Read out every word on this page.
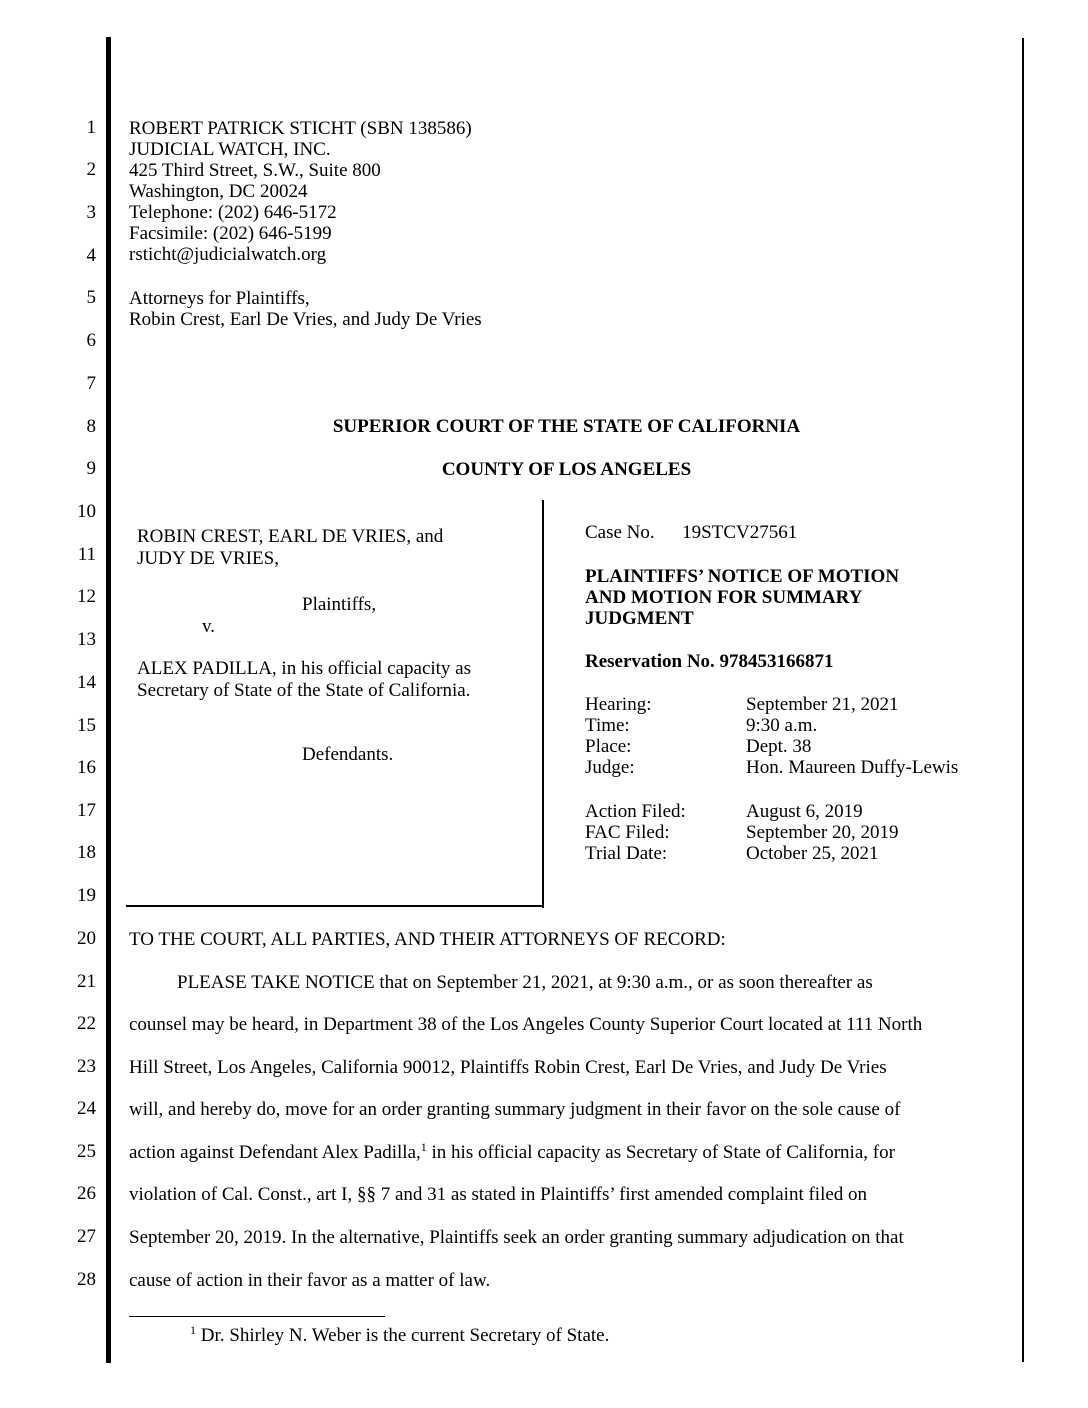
1
2
3
4
5
6
7
8
9
10
11
12
13
14
15
16
17
18
19
20
21
22
23
24
25
26
27
28
ROBERT PATRICK STICHT (SBN 138586)
JUDICIAL WATCH, INC.
425 Third Street, S.W., Suite 800
Washington, DC 20024
Telephone: (202) 646-5172
Facsimile: (202) 646-5199
rsticht@judicialwatch.org
Attorneys for Plaintiffs,
Robin Crest, Earl De Vries, and Judy De Vries
SUPERIOR COURT OF THE STATE OF CALIFORNIA
COUNTY OF LOS ANGELES
ROBIN CREST, EARL DE VRIES, and
JUDY DE VRIES,
Plaintiffs,
v.
ALEX PADILLA, in his official capacity as
Secretary of State of the State of California.
Defendants.
Case No. 19STCV27561
PLAINTIFFS’ NOTICE OF MOTION
AND MOTION FOR SUMMARY
JUDGMENT
Reservation No. 978453166871
Hearing:	September 21, 2021
Time:	9:30 a.m.
Place:	Dept. 38
Judge:	Hon. Maureen Duffy-Lewis
Action Filed:	August 6, 2019
FAC Filed:	September 20, 2019
Trial Date:	October 25, 2021
TO THE COURT, ALL PARTIES, AND THEIR ATTORNEYS OF RECORD:
PLEASE TAKE NOTICE that on September 21, 2021, at 9:30 a.m., or as soon thereafter as
counsel may be heard, in Department 38 of the Los Angeles County Superior Court located at 111 North
Hill Street, Los Angeles, California 90012, Plaintiffs Robin Crest, Earl De Vries, and Judy De Vries
will, and hereby do, move for an order granting summary judgment in their favor on the sole cause of
action against Defendant Alex Padilla,$^1$ in his official capacity as Secretary of State of California, for
violation of Cal. Const., art I, §§ 7 and 31 as stated in Plaintiffs’ first amended complaint filed on
September 20, 2019. In the alternative, Plaintiffs seek an order granting summary adjudication on that
cause of action in their favor as a matter of law.
$^1$ Dr. Shirley N. Weber is the current Secretary of State.
